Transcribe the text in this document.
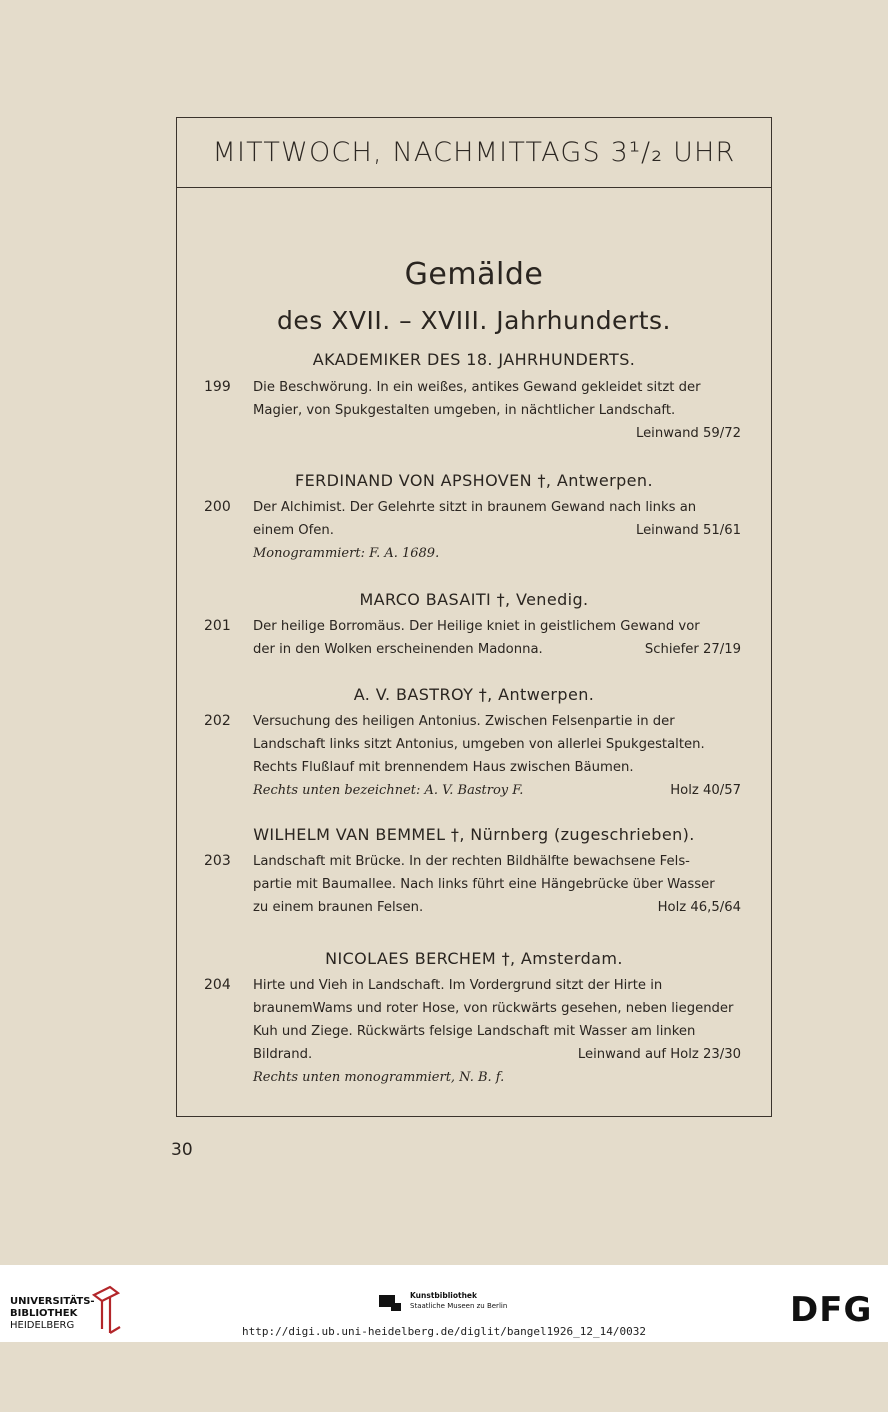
MITTWOCH, NACHMITTAGS 3¹/₂ UHR
Gemälde
des XVII. – XVIII. Jahrhunderts.
AKADEMIKER DES 18. JAHRHUNDERTS.
199	Die Beschwörung. In ein weißes, antikes Gewand gekleidet sitzt der
Magier, von Spukgestalten umgeben, in nächtlicher Landschaft.
Leinwand 59/72
FERDINAND VON APSHOVEN †, Antwerpen.
200	Der Alchimist. Der Gelehrte sitzt in braunem Gewand nach links an
einem Ofen.	Leinwand 51/61
Monogrammiert: F. A. 1689.
MARCO BASAITI †, Venedig.
201	Der heilige Borromäus. Der Heilige kniet in geistlichem Gewand vor
der in den Wolken erscheinenden Madonna.	Schiefer 27/19
A. V. BASTROY †, Antwerpen.
202	Versuchung des heiligen Antonius. Zwischen Felsenpartie in der
Landschaft links sitzt Antonius, umgeben von allerlei Spukgestalten.
Rechts Flußlauf mit brennendem Haus zwischen Bäumen.
Rechts unten bezeichnet: A. V. Bastroy F.	Holz 40/57
WILHELM VAN BEMMEL †, Nürnberg (zugeschrieben).
203	Landschaft mit Brücke. In der rechten Bildhälfte bewachsene Fels-
partie mit Baumallee. Nach links führt eine Hängebrücke über Wasser
zu einem braunen Felsen.	Holz 46,5/64
NICOLAES BERCHEM †, Amsterdam.
204	Hirte und Vieh in Landschaft. Im Vordergrund sitzt der Hirte in
braunemWams und roter Hose, von rückwärts gesehen, neben liegender
Kuh und Ziege. Rückwärts felsige Landschaft mit Wasser am linken
Bildrand.	Leinwand auf Holz 23/30
Rechts unten monogrammiert, N. B. f.
30
UNIVERSITÄTS-
BIBLIOTHEK
HEIDELBERG
Kunstbibliothek
Staatliche Museen zu Berlin	DFG
http://digi.ub.uni-heidelberg.de/diglit/bangel1926_12_14/0032
